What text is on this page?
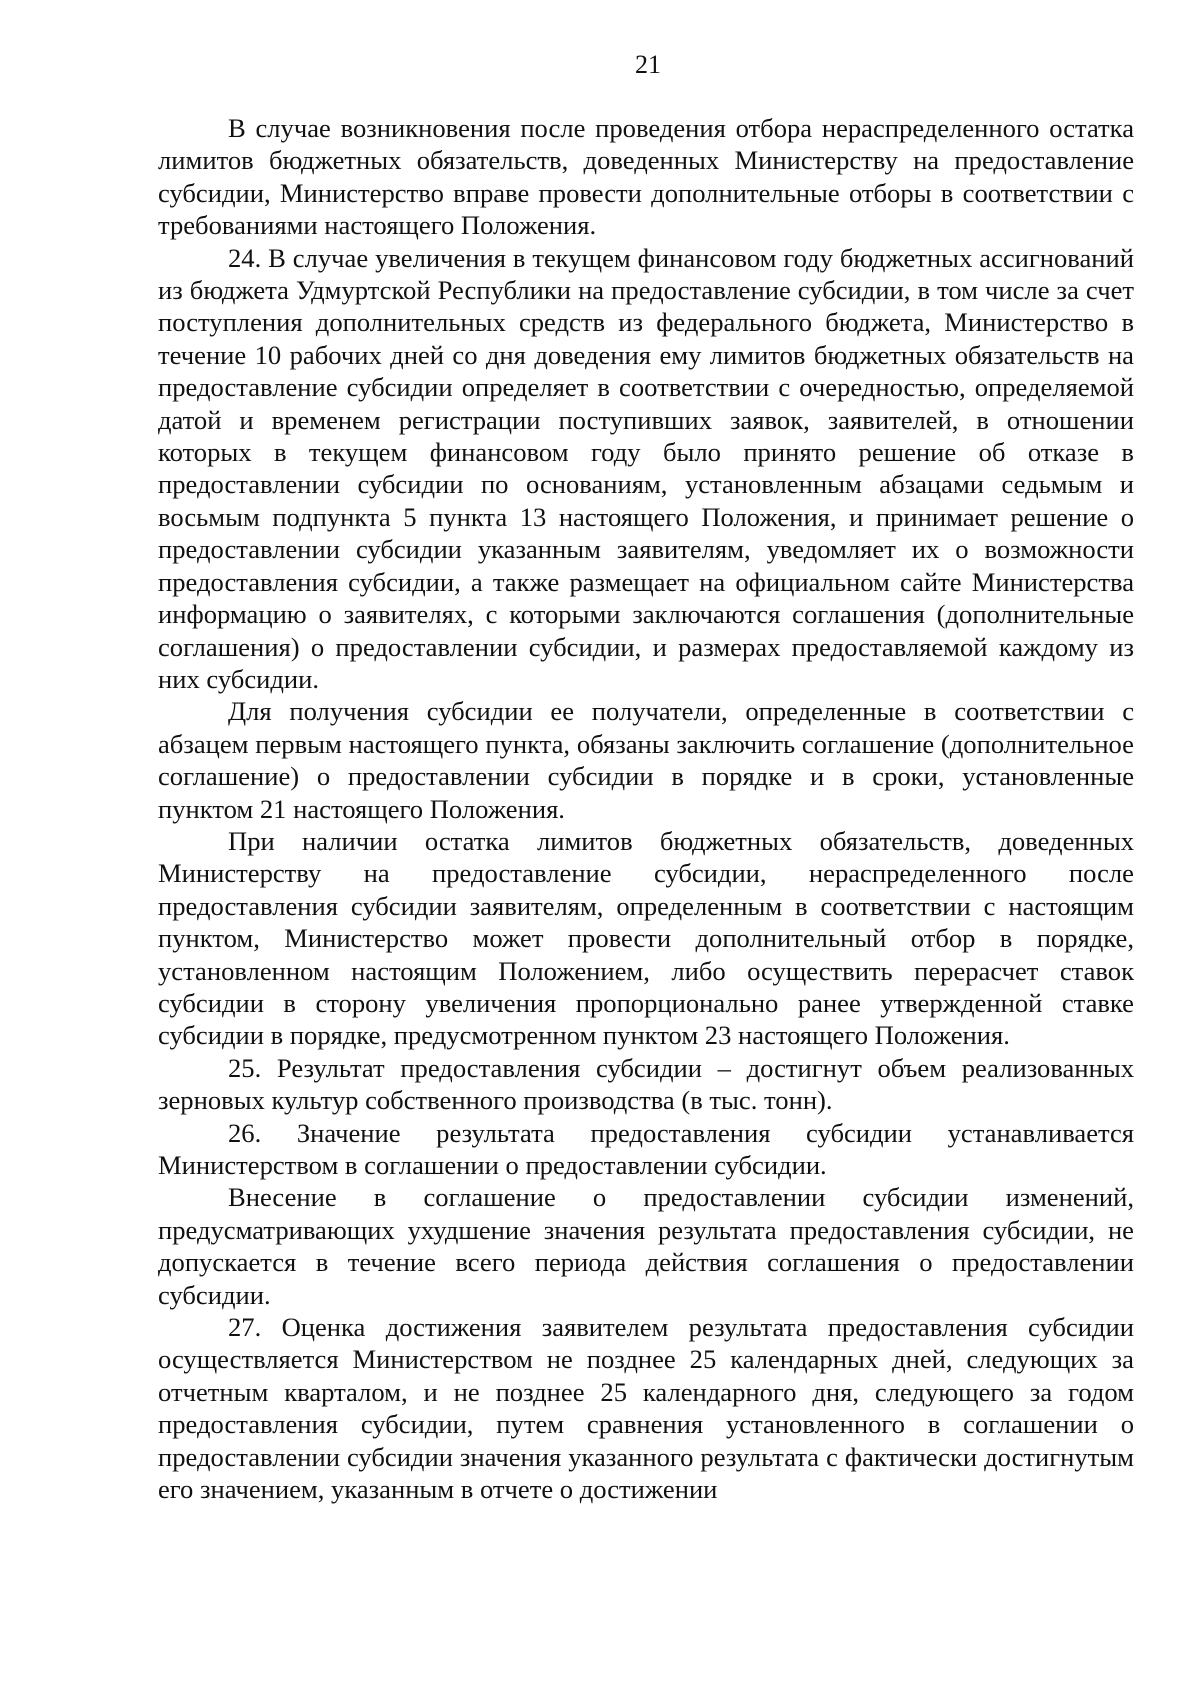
21

В случае возникновения после проведения отбора нераспределенного остатка лимитов бюджетных обязательств, доведенных Министерству на предоставление субсидии, Министерство вправе провести дополнительные отборы в соответствии с требованиями настоящего Положения.

24. В случае увеличения в текущем финансовом году бюджетных ассигнований из бюджета Удмуртской Республики на предоставление субсидии, в том числе за счет поступления дополнительных средств из федерального бюджета, Министерство в течение 10 рабочих дней со дня доведения ему лимитов бюджетных обязательств на предоставление субсидии определяет в соответствии с очередностью, определяемой датой и временем регистрации поступивших заявок, заявителей, в отношении которых в текущем финансовом году было принято решение об отказе в предоставлении субсидии по основаниям, установленным абзацами седьмым и восьмым подпункта 5 пункта 13 настоящего Положения, и принимает решение о предоставлении субсидии указанным заявителям, уведомляет их о возможности предоставления субсидии, а также размещает на официальном сайте Министерства информацию о заявителях, с которыми заключаются соглашения (дополнительные соглашения) о предоставлении субсидии, и размерах предоставляемой каждому из них субсидии.

Для получения субсидии ее получатели, определенные в соответствии с абзацем первым настоящего пункта, обязаны заключить соглашение (дополнительное соглашение) о предоставлении субсидии в порядке и в сроки, установленные пунктом 21 настоящего Положения.

При наличии остатка лимитов бюджетных обязательств, доведенных Министерству на предоставление субсидии, нераспределенного после предоставления субсидии заявителям, определенным в соответствии с настоящим пунктом, Министерство может провести дополнительный отбор в порядке, установленном настоящим Положением, либо осуществить перерасчет ставок субсидии в сторону увеличения пропорционально ранее утвержденной ставке субсидии в порядке, предусмотренном пунктом 23 настоящего Положения.

25. Результат предоставления субсидии – достигнут объем реализованных зерновых культур собственного производства (в тыс. тонн).

26. Значение результата предоставления субсидии устанавливается Министерством в соглашении о предоставлении субсидии.

Внесение в соглашение о предоставлении субсидии изменений, предусматривающих ухудшение значения результата предоставления субсидии, не допускается в течение всего периода действия соглашения о предоставлении субсидии.

27. Оценка достижения заявителем результата предоставления субсидии осуществляется Министерством не позднее 25 календарных дней, следующих за отчетным кварталом, и не позднее 25 календарного дня, следующего за годом предоставления субсидии, путем сравнения установленного в соглашении о предоставлении субсидии значения указанного результата с фактически достигнутым его значением, указанным в отчете о достижении
